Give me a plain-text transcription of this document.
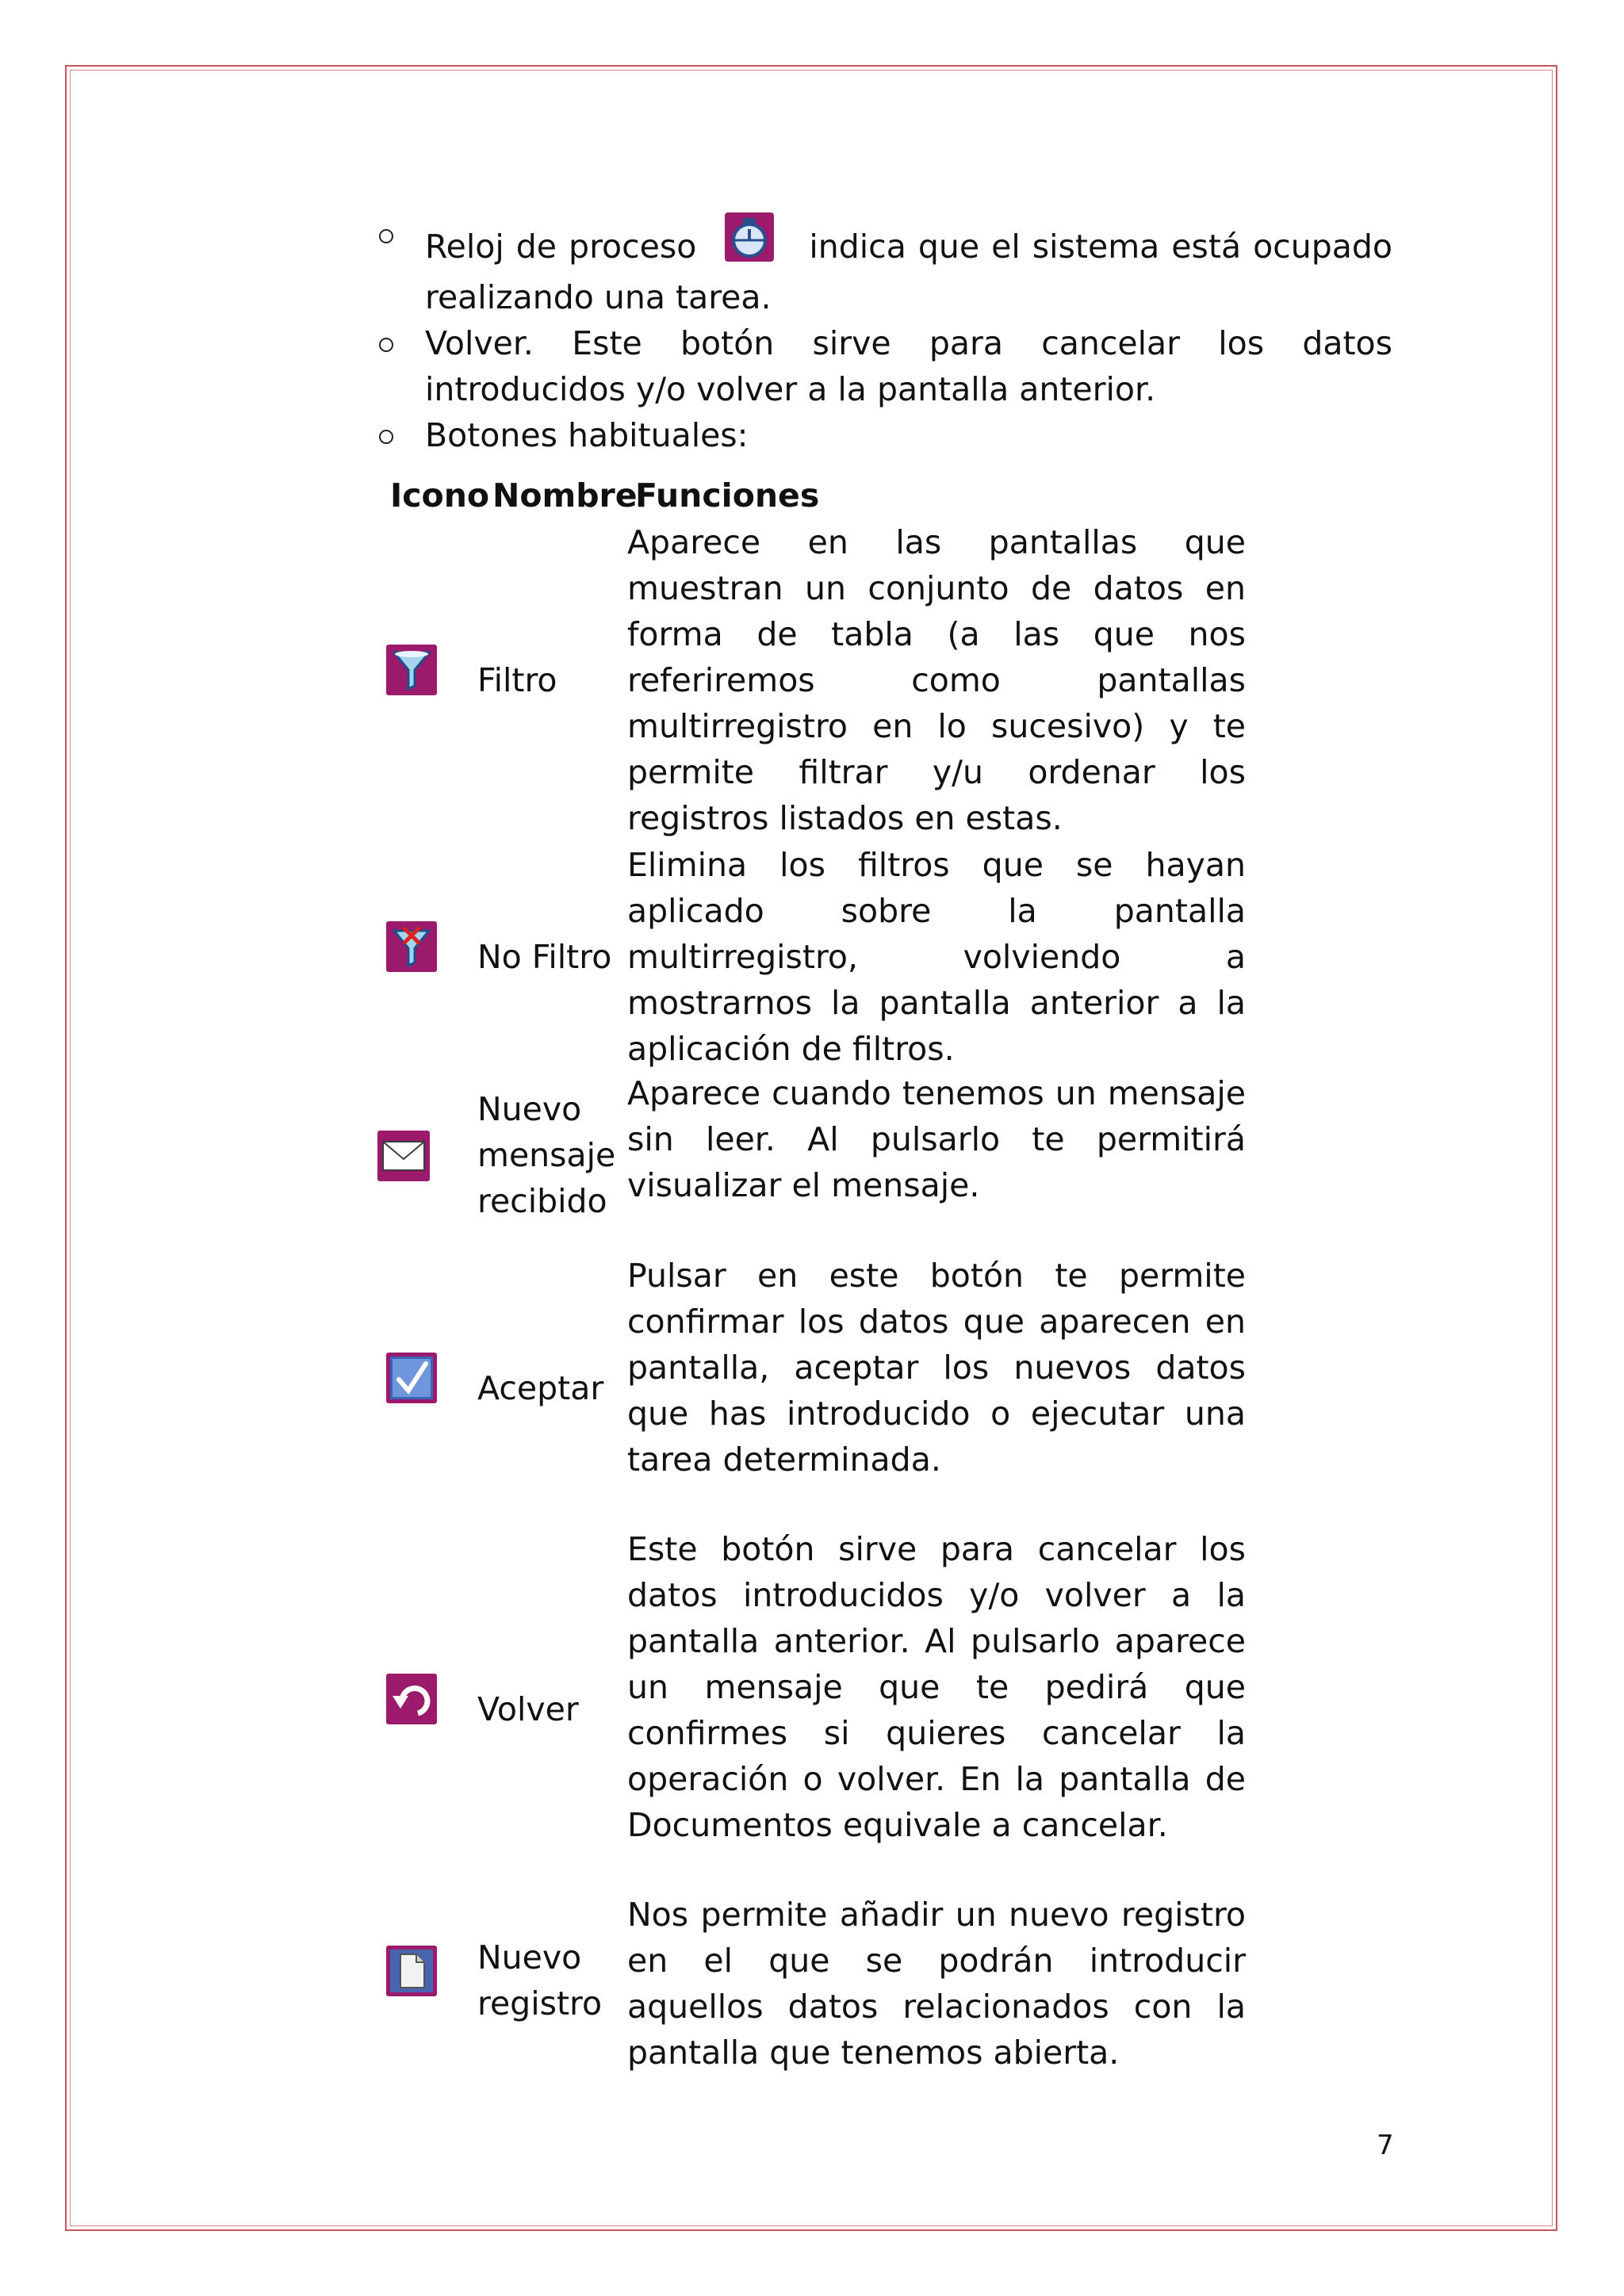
Reloj de proceso	indica que el sistema está ocupado realizando una tarea.
Volver. Este botón sirve para cancelar los datos introducidos y/o volver a la pantalla anterior.
Botones habituales:
Icono Nombre
Funciones
Filtro
Aparece en las pantallas que muestran un conjunto de datos en forma de tabla (a las que nos referiremos como pantallas multirregistro en lo sucesivo) y te permite filtrar y/u ordenar los registros listados en estas.
No Filtro
Elimina los filtros que se hayan aplicado sobre la pantalla multirregistro, volviendo a mostrarnos la pantalla anterior a la aplicación de filtros.
Nuevo mensaje recibido
Aparece cuando tenemos un mensaje sin leer. Al pulsarlo te permitirá visualizar el mensaje.
Aceptar
Pulsar en este botón te permite confirmar los datos que aparecen en pantalla, aceptar los nuevos datos que has introducido o ejecutar una tarea determinada.
Volver
Este botón sirve para cancelar los datos introducidos y/o volver a la pantalla anterior. Al pulsarlo aparece un mensaje que te pedirá que confirmes si quieres cancelar la operación o volver. En la pantalla de Documentos equivale a cancelar.
Nuevo registro
Nos permite añadir un nuevo registro en el que se podrán introducir aquellos datos relacionados con la pantalla que tenemos abierta.
7
